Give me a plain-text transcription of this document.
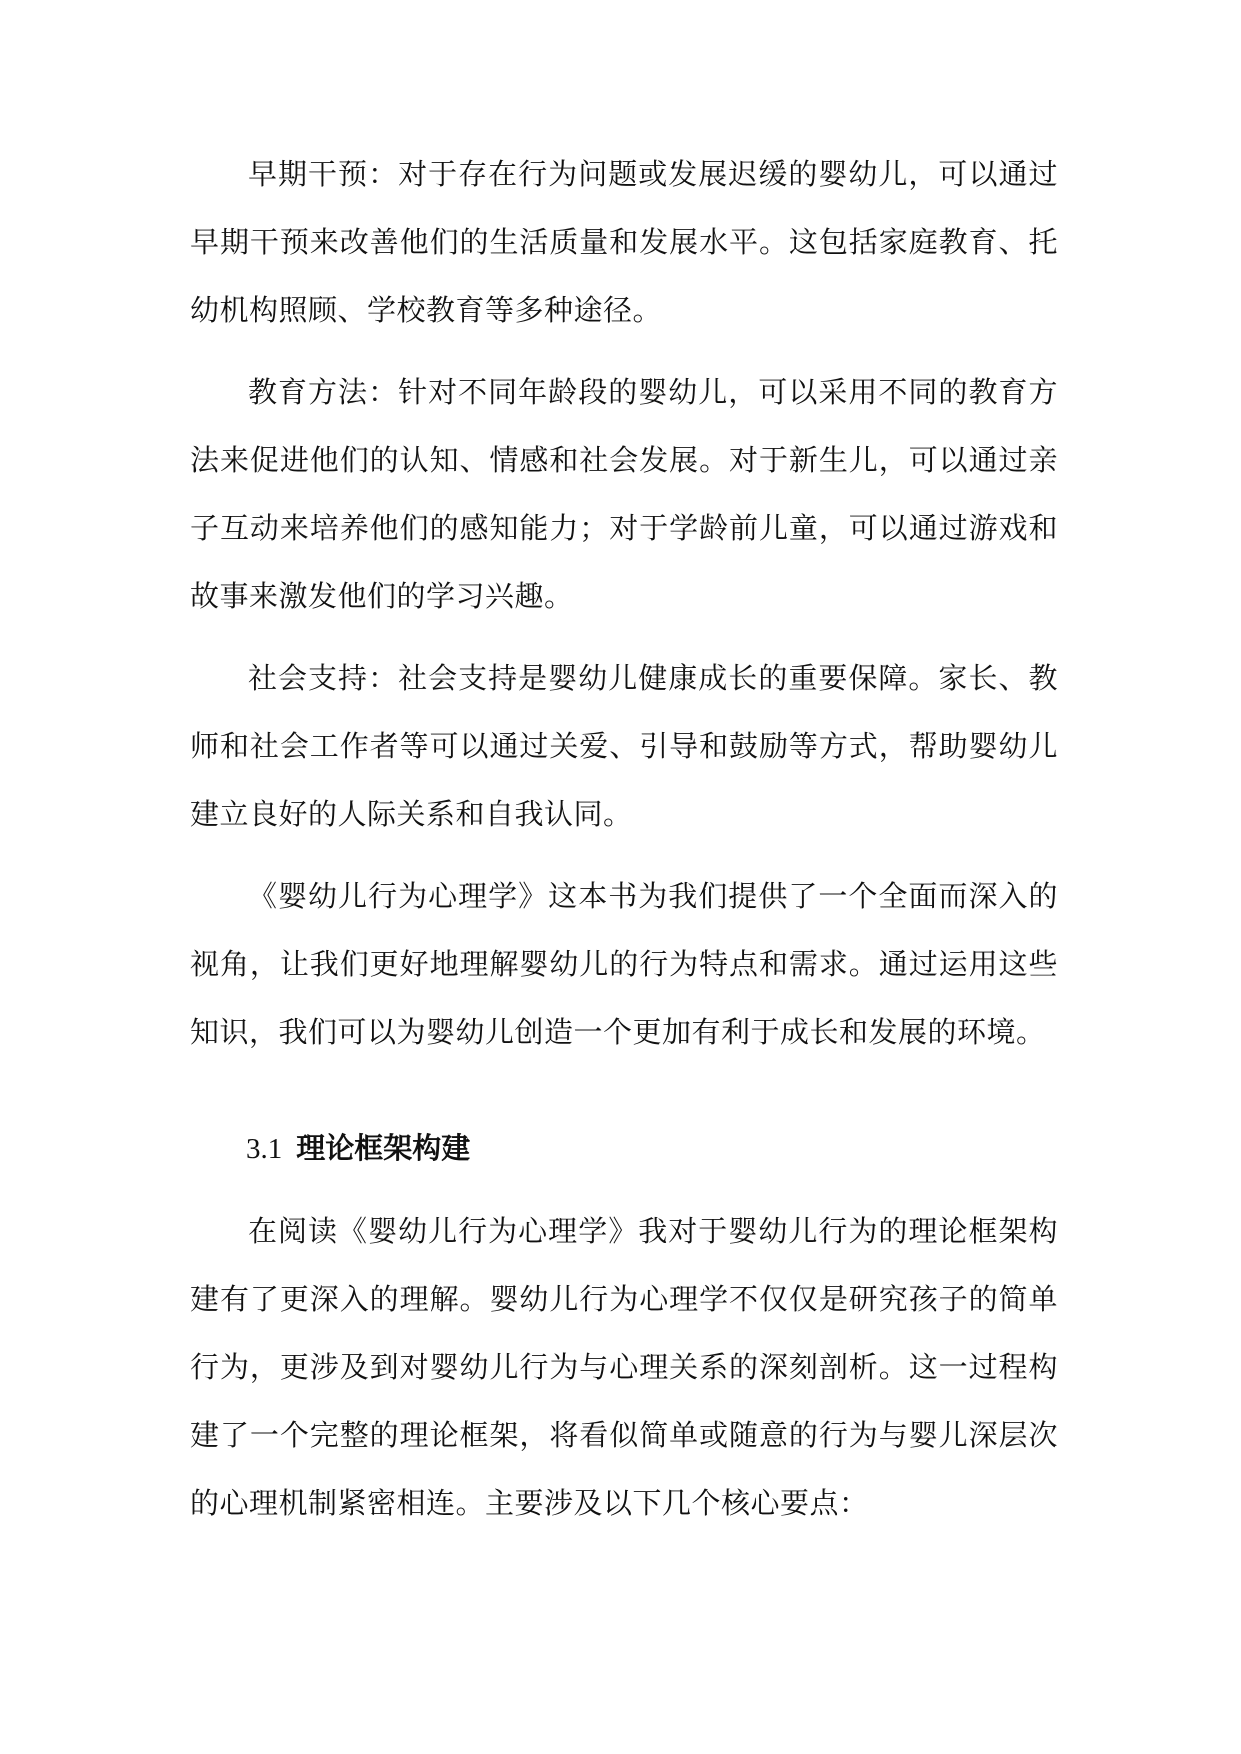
早期干预：对于存在行为问题或发展迟缓的婴幼儿，可以通过早期干预来改善他们的生活质量和发展水平。这包括家庭教育、托幼机构照顾、学校教育等多种途径。

教育方法：针对不同年龄段的婴幼儿，可以采用不同的教育方法来促进他们的认知、情感和社会发展。对于新生儿，可以通过亲子互动来培养他们的感知能力；对于学龄前儿童，可以通过游戏和故事来激发他们的学习兴趣。

社会支持：社会支持是婴幼儿健康成长的重要保障。家长、教师和社会工作者等可以通过关爱、引导和鼓励等方式，帮助婴幼儿建立良好的人际关系和自我认同。

《婴幼儿行为心理学》这本书为我们提供了一个全面而深入的视角，让我们更好地理解婴幼儿的行为特点和需求。通过运用这些知识，我们可以为婴幼儿创造一个更加有利于成长和发展的环境。

3.1 理论框架构建

在阅读《婴幼儿行为心理学》我对于婴幼儿行为的理论框架构建有了更深入的理解。婴幼儿行为心理学不仅仅是研究孩子的简单行为，更涉及到对婴幼儿行为与心理关系的深刻剖析。这一过程构建了一个完整的理论框架，将看似简单或随意的行为与婴儿深层次的心理机制紧密相连。主要涉及以下几个核心要点：
